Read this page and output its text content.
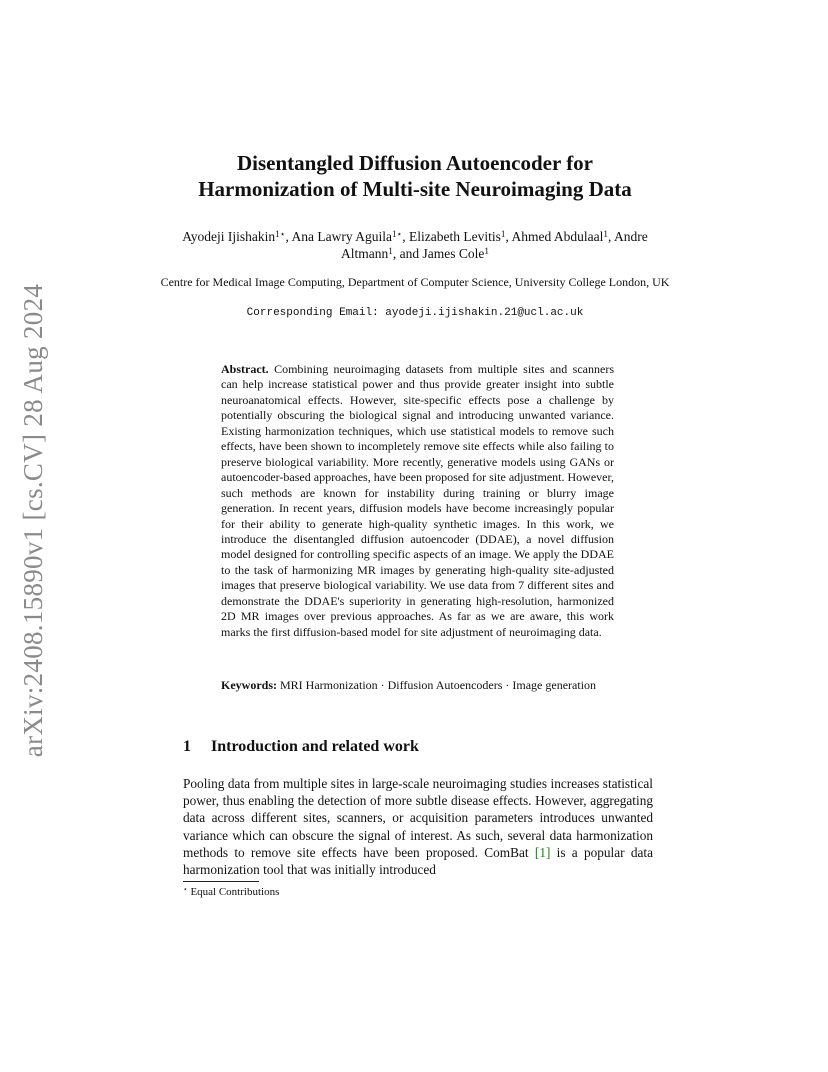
arXiv:2408.15890v1 [cs.CV] 28 Aug 2024
Disentangled Diffusion Autoencoder for
Harmonization of Multi-site Neuroimaging Data
Ayodeji Ijishakin$^{1⋆}$, Ana Lawry Aguila$^{1⋆}$, Elizabeth Levitis$^1$, Ahmed Abdulaal$^1$, Andre Altmann$^1$, and James Cole$^1$
Centre for Medical Image Computing, Department of Computer Science, University College London, UK
Corresponding Email: ayodeji.ijishakin.21@ucl.ac.uk
Abstract. Combining neuroimaging datasets from multiple sites and scanners can help increase statistical power and thus provide greater insight into subtle neuroanatomical effects. However, site-specific effects pose a challenge by potentially obscuring the biological signal and introducing unwanted variance. Existing harmonization techniques, which use statistical models to remove such effects, have been shown to incompletely remove site effects while also failing to preserve biological variability. More recently, generative models using GANs or autoencoder-based approaches, have been proposed for site adjustment. However, such methods are known for instability during training or blurry image generation. In recent years, diffusion models have become increasingly popular for their ability to generate high-quality synthetic images. In this work, we introduce the disentangled diffusion autoencoder (DDAE), a novel diffusion model designed for controlling specific aspects of an image. We apply the DDAE to the task of harmonizing MR images by generating high-quality site-adjusted images that preserve biological variability. We use data from 7 different sites and demonstrate the DDAE's superiority in generating high-resolution, harmonized 2D MR images over previous approaches. As far as we are aware, this work marks the first diffusion-based model for site adjustment of neuroimaging data.
Keywords: MRI Harmonization · Diffusion Autoencoders · Image generation
1 Introduction and related work
Pooling data from multiple sites in large-scale neuroimaging studies increases statistical power, thus enabling the detection of more subtle disease effects. However, aggregating data across different sites, scanners, or acquisition parameters introduces unwanted variance which can obscure the signal of interest. As such, several data harmonization methods to remove site effects have been proposed. ComBat [1] is a popular data harmonization tool that was initially introduced
⋆ Equal Contributions
